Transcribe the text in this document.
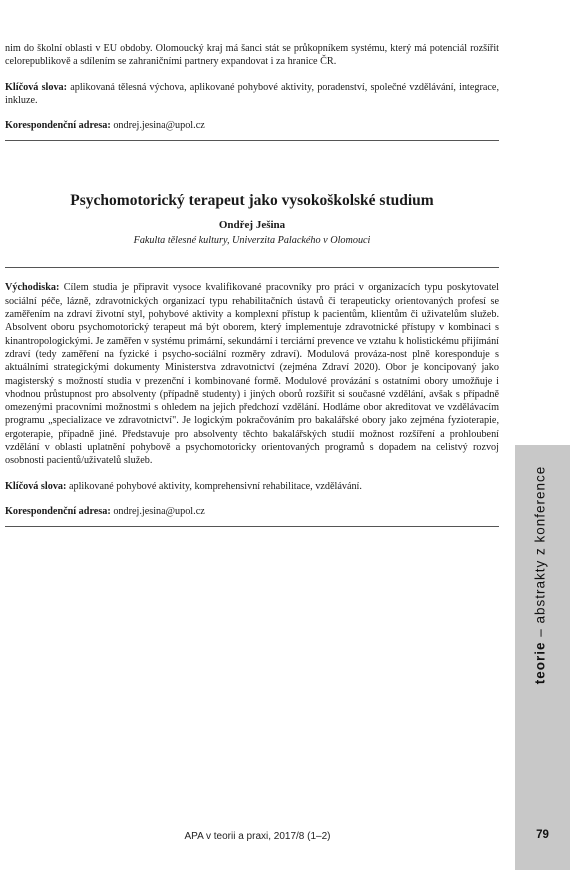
nim do školní oblasti v EU obdoby. Olomoucký kraj má šanci stát se průkopníkem systému, který má potenciál rozšířit celorepublikově a sdílením se zahraničními partnery expandovat i za hranice ČR.

Klíčová slova: aplikovaná tělesná výchova, aplikované pohybové aktivity, poradenství, společné vzdělávání, integrace, inkluze.

Korespondenční adresa: ondrej.jesina@upol.cz

Psychomotorický terapeut jako vysokoškolské studium
Ondřej Ješina
Fakulta tělesné kultury, Univerzita Palackého v Olomouci

Východiska: Cílem studia je připravit vysoce kvalifikované pracovníky pro práci v organizacích typu poskytovatel sociální péče, lázně, zdravotnických organizací typu rehabilitačních ústavů či terapeuticky orientovaných profesí se zaměřením na zdraví životní styl, pohybové aktivity a komplexní přístup k pacientům, klientům či uživatelům služeb. Absolvent oboru psychomotorický terapeut má být oborem, který implementuje zdravotnické přístupy v kombinaci s kinantropologickými. Je zaměřen v systému primární, sekundární i terciární prevence ve vztahu k holistickému přijímání zdraví (tedy zaměření na fyzické i psycho-sociální rozměry zdraví). Modulová prováza-nost plně koresponduje s aktuálními strategickými dokumenty Ministerstva zdravotnictví (zejména Zdraví 2020). Obor je koncipovaný jako magisterský s možností studia v prezenční i kombinované formě. Modulové provázání s ostatními obory umožňuje i vhodnou průstupnost pro absolventy (případně studenty) i jiných oborů rozšířit si současné vzdělání, avšak s případně omezenými pracovními možnostmi s ohledem na jejich předchozí vzdělání. Hodláme obor akreditovat ve vzdělávacím programu „specializace ve zdravotnictví". Je logickým pokračováním pro bakalářské obory jako zejména fyzioterapie, ergoterapie, případně jiné. Představuje pro absolventy těchto bakalářských studií možnost rozšíření a prohloubení vzdělání v oblasti uplatnění pohybově a psychomotoricky orientovaných programů s dopadem na celistvý rozvoj osobnosti pacientů/uživatelů služeb.

Klíčová slova: aplikované pohybové aktivity, komprehensivní rehabilitace, vzdělávání.

Korespondenční adresa: ondrej.jesina@upol.cz

teorie – abstrakty z konference
APA v teorii a praxi, 2017/8 (1–2)	79
